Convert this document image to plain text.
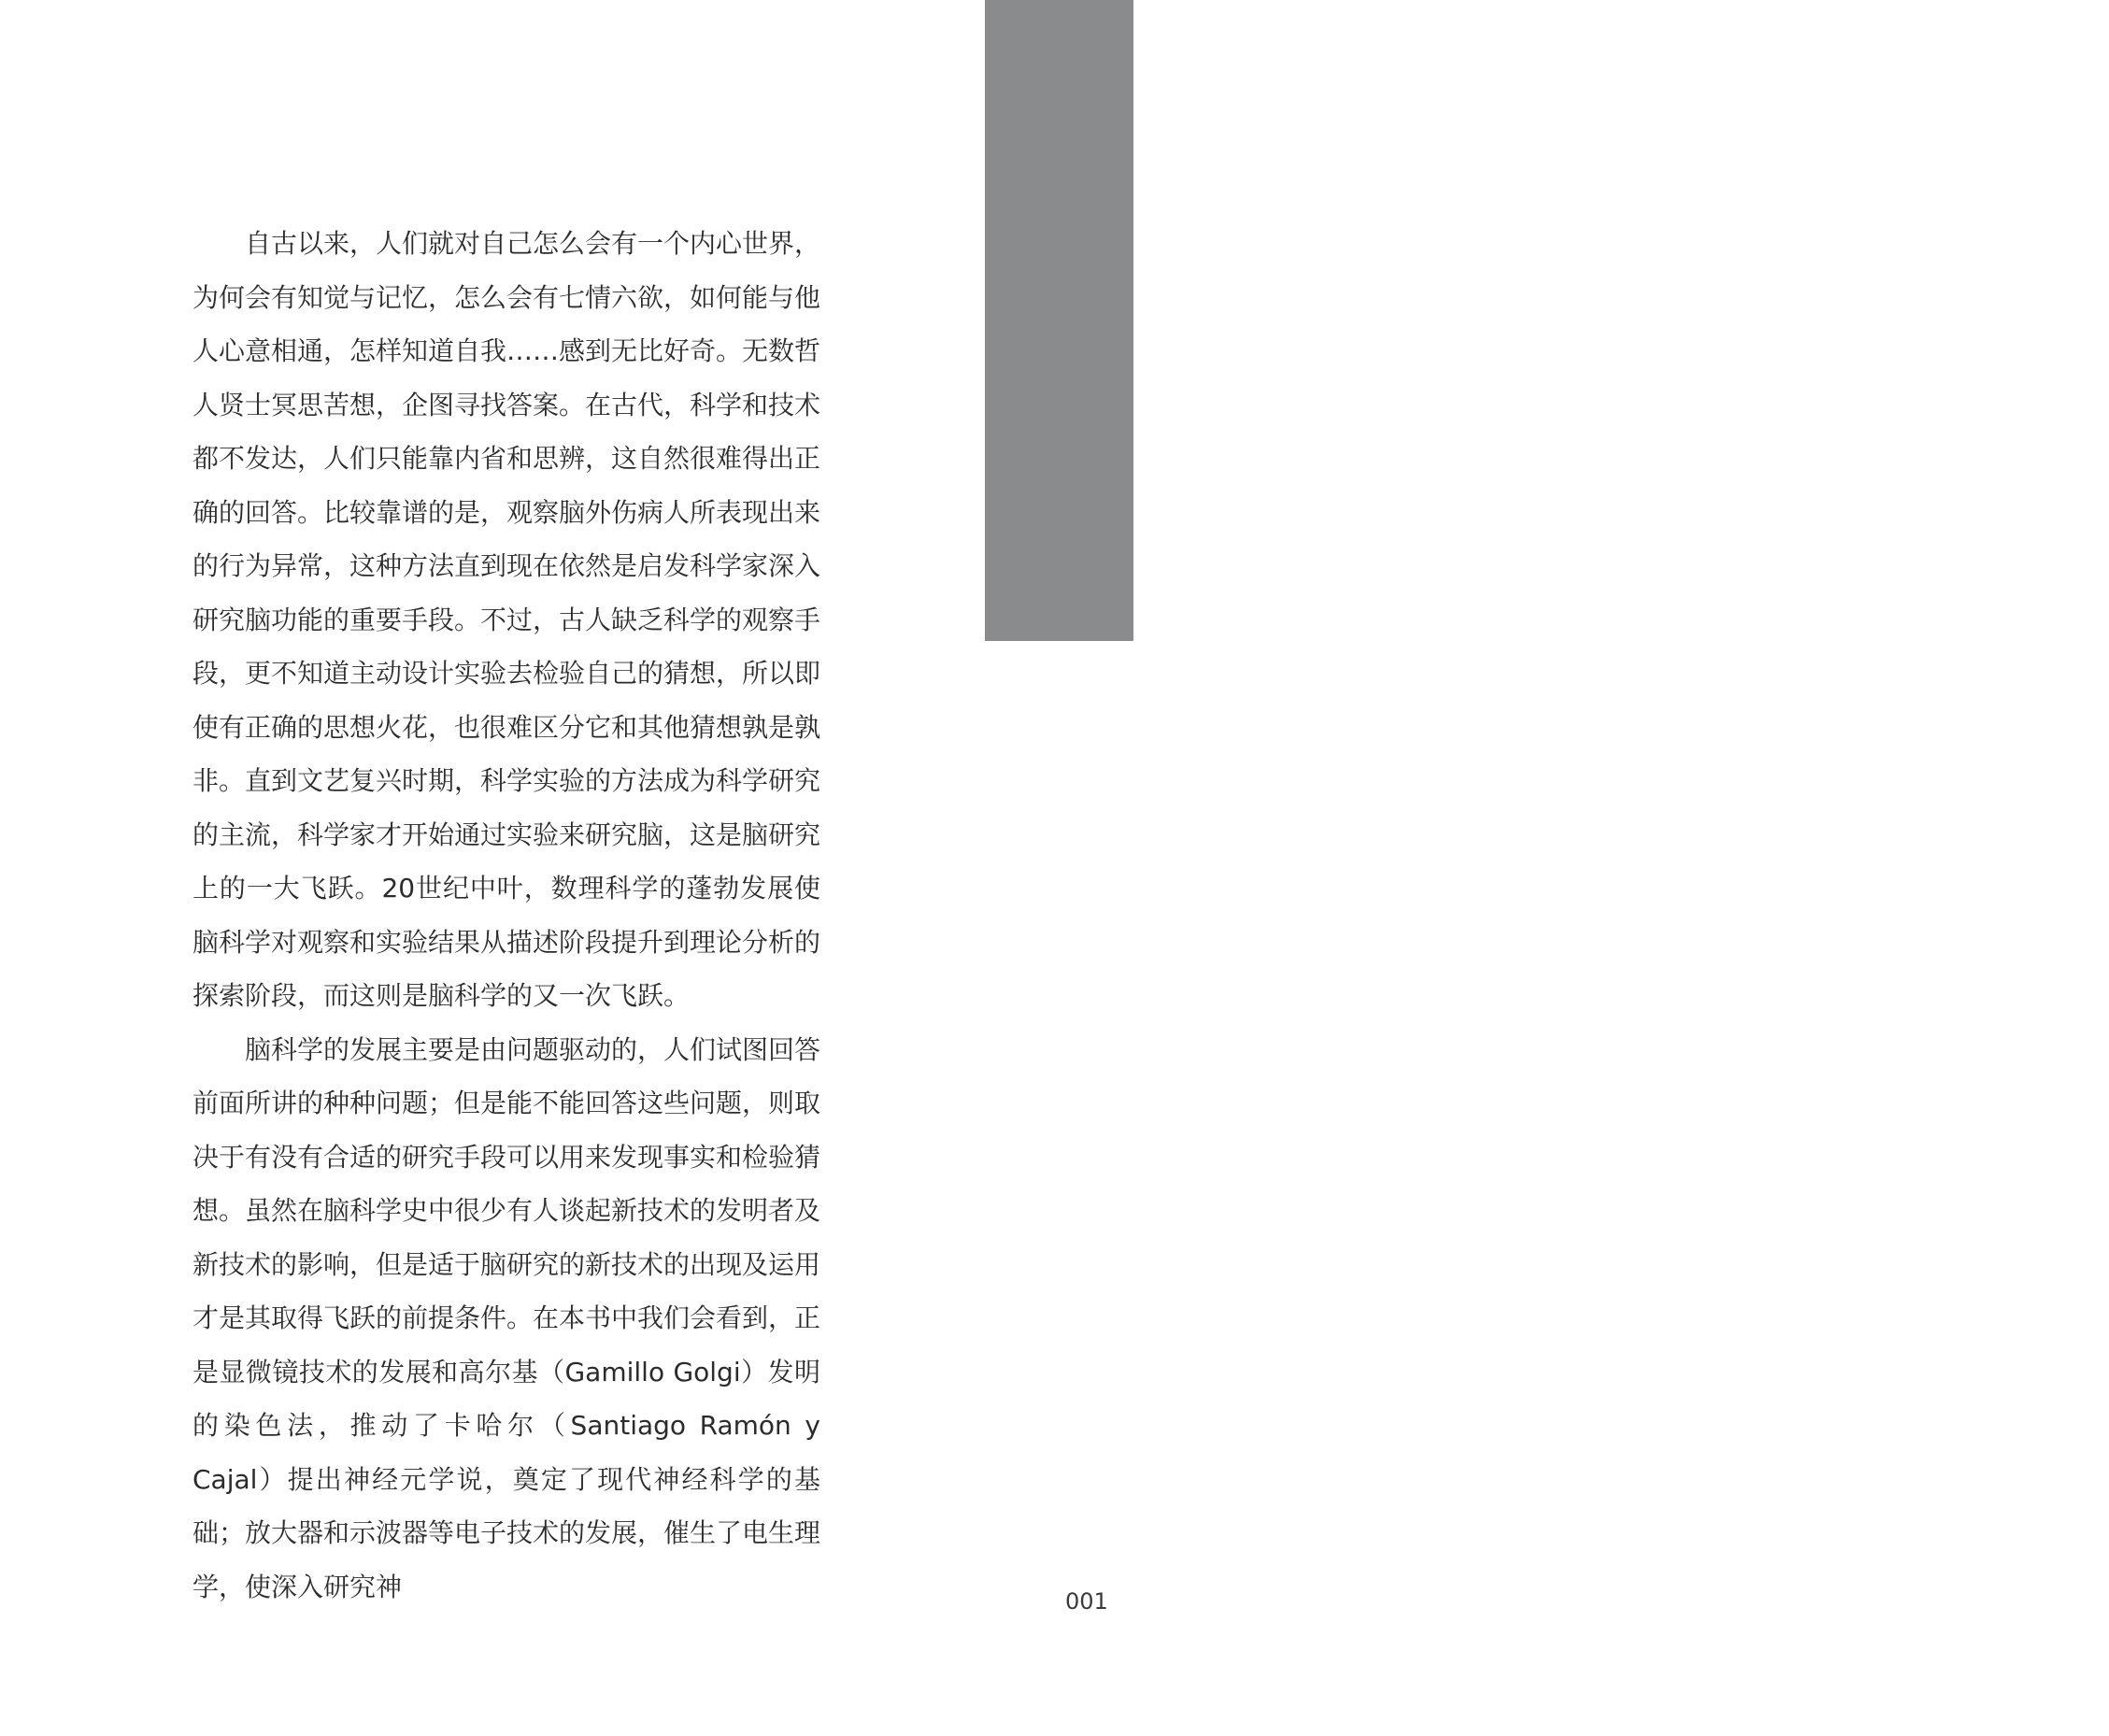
开场白
开启认识心智之旅

自古以来，人们就对自己怎么会有一个内心世界，为何会有知觉与记忆，怎么会有七情六欲，如何能与他人心意相通，怎样知道自我……感到无比好奇。无数哲人贤士冥思苦想，企图寻找答案。在古代，科学和技术都不发达，人们只能靠内省和思辨，这自然很难得出正确的回答。比较靠谱的是，观察脑外伤病人所表现出来的行为异常，这种方法直到现在依然是启发科学家深入研究脑功能的重要手段。不过，古人缺乏科学的观察手段，更不知道主动设计实验去检验自己的猜想，所以即使有正确的思想火花，也很难区分它和其他猜想孰是孰非。直到文艺复兴时期，科学实验的方法成为科学研究的主流，科学家才开始通过实验来研究脑，这是脑研究上的一大飞跃。20世纪中叶，数理科学的蓬勃发展使脑科学对观察和实验结果从描述阶段提升到理论分析的探索阶段，而这则是脑科学的又一次飞跃。

脑科学的发展主要是由问题驱动的，人们试图回答前面所讲的种种问题；但是能不能回答这些问题，则取决于有没有合适的研究手段可以用来发现事实和检验猜想。虽然在脑科学史中很少有人谈起新技术的发明者及新技术的影响，但是适于脑研究的新技术的出现及运用才是其取得飞跃的前提条件。在本书中我们会看到，正是显微镜技术的发展和高尔基（Gamillo Golgi）发明的染色法，推动了卡哈尔（Santiago Ramón y Cajal）提出神经元学说，奠定了现代神经科学的基础；放大器和示波器等电子技术的发展，催生了电生理学，使深入研究神	001
